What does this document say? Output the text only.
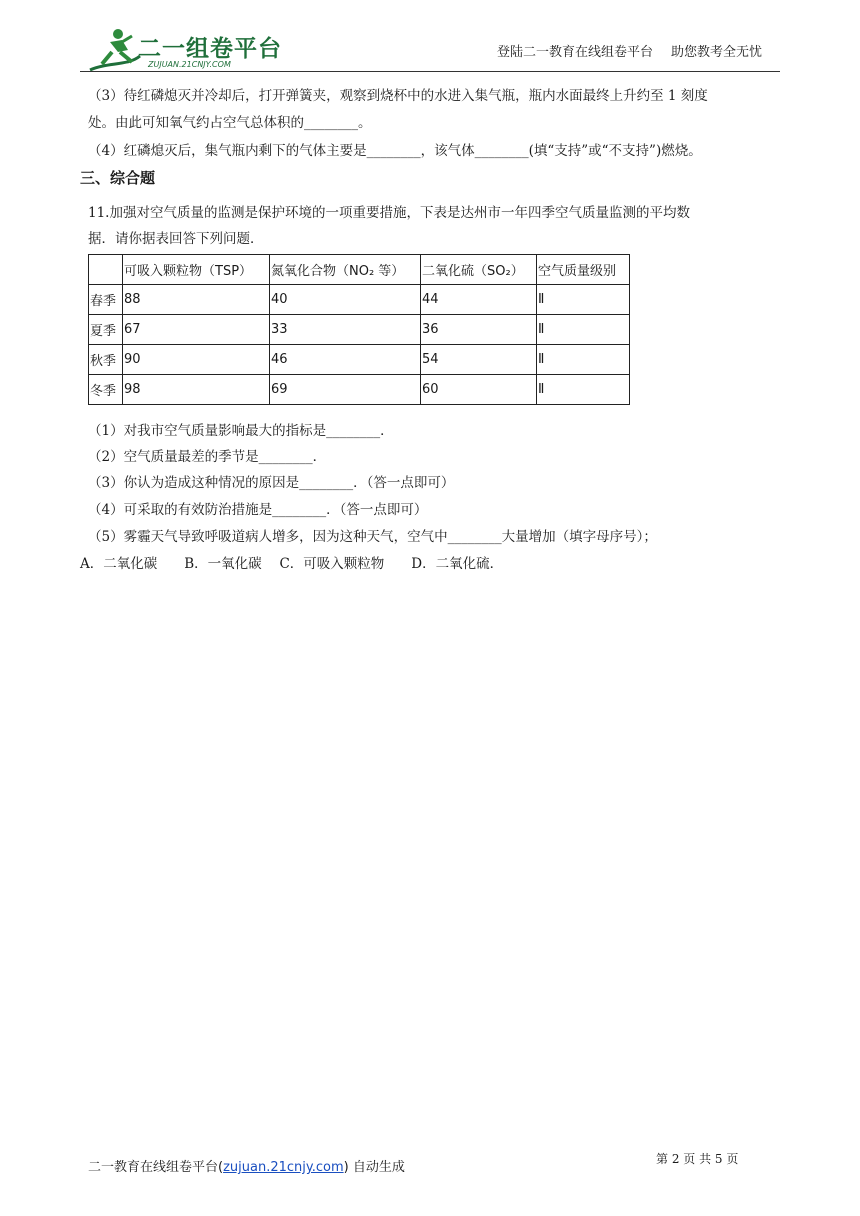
二一组卷平台
ZUJUAN.21CNJY.COM
登陆二一教育在线组卷平台 助您教考全无忧
（3）待红磷熄灭并冷却后，打开弹簧夹，观察到烧杯中的水进入集气瓶，瓶内水面最终上升约至 1 刻度
处。由此可知氧气约占空气总体积的________。
（4）红磷熄灭后，集气瓶内剩下的气体主要是________，该气体________(填“支持”或“不支持”)燃烧。
三、综合题
11.加强对空气质量的监测是保护环境的一项重要措施，下表是达州市一年四季空气质量监测的平均数
据．请你据表回答下列问题．
	可吸入颗粒物（TSP）	氮氧化合物（NO₂ 等）	二氧化硫（SO₂）	空气质量级别
春季	88	40	44	Ⅱ
夏季	67	33	36	Ⅱ
秋季	90	46	54	Ⅱ
冬季	98	69	60	Ⅱ
（1）对我市空气质量影响最大的指标是________．
（2）空气质量最差的季节是________．
（3）你认为造成这种情况的原因是________．（答一点即可）
（4）可采取的有效防治措施是________．（答一点即可）
（5）雾霾天气导致呼吸道病人增多，因为这种天气，空气中________大量增加（填字母序号）；
A．二氧化碳　　B．一氧化碳　 C．可吸入颗粒物　　D．二氧化硫．
二一教育在线组卷平台(zujuan.21cnjy.com) 自动生成
第 2 页 共 5 页
